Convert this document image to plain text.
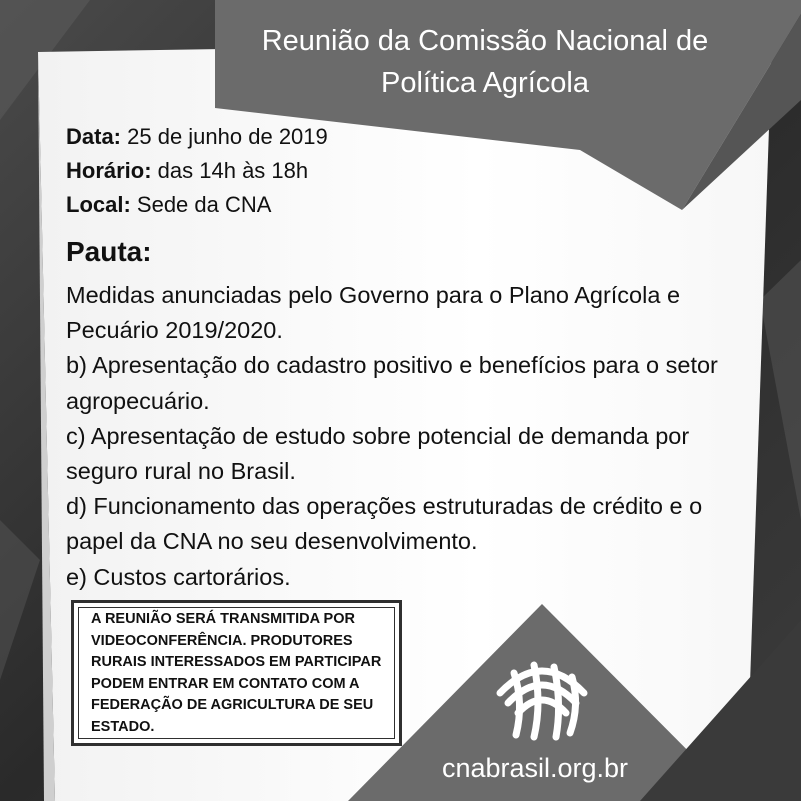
Reunião da Comissão Nacional de
Política Agrícola
Data: 25 de junho de 2019
Horário: das 14h às 18h
Local: Sede da CNA
Pauta:
Medidas anunciadas pelo Governo para o Plano Agrícola e Pecuário 2019/2020.
b) Apresentação do cadastro positivo e benefícios para o setor agropecuário.
c) Apresentação de estudo sobre potencial de demanda por seguro rural no Brasil.
d) Funcionamento das operações estruturadas de crédito e o papel da CNA no seu desenvolvimento.
e) Custos cartorários.
A REUNIÃO SERÁ TRANSMITIDA POR VIDEOCONFERÊNCIA. PRODUTORES RURAIS INTERESSADOS EM PARTICIPAR PODEM ENTRAR EM CONTATO COM A FEDERAÇÃO DE AGRICULTURA DE SEU ESTADO.
cnabrasil.org.br
